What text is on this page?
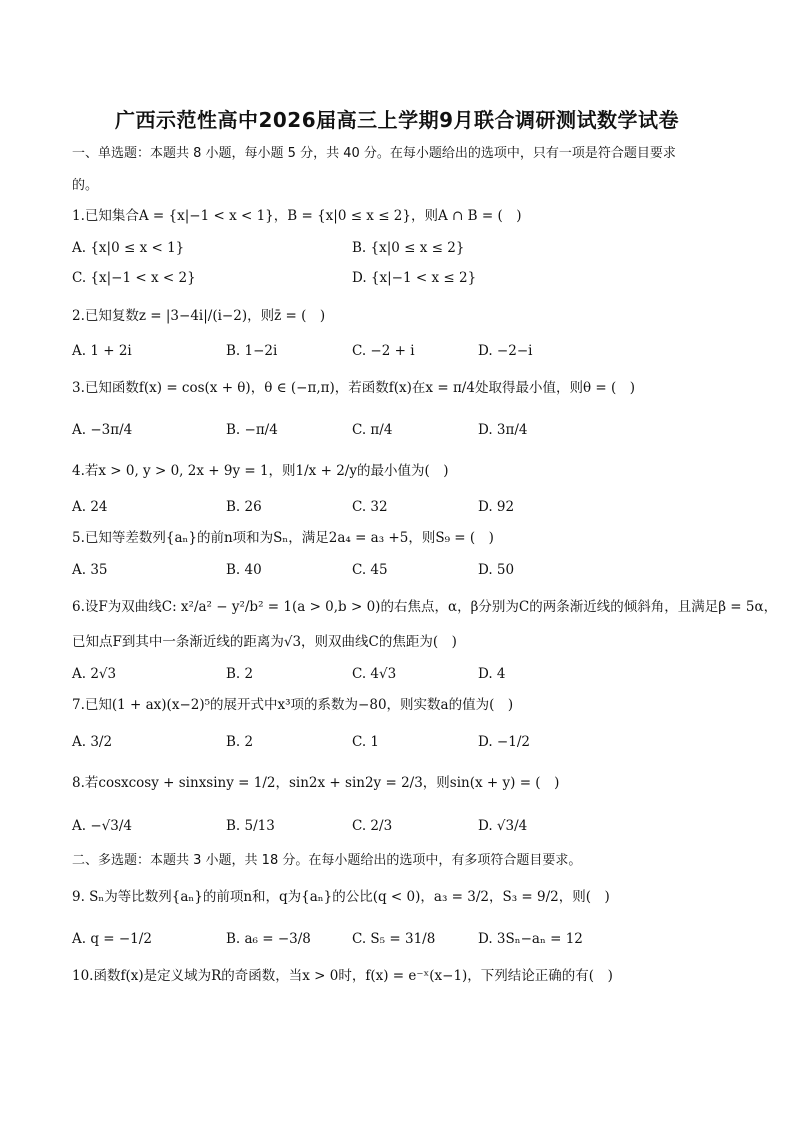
广西示范性高中2026届高三上学期9月联合调研测试数学试卷
一、单选题：本题共 8 小题，每小题 5 分，共 40 分。在每小题给出的选项中，只有一项是符合题目要求
的。
1.已知集合A = {x|−1 < x < 1}，B = {x|0 ≤ x ≤ 2}，则A ∩ B = (　)
A. {x|0 ≤ x < 1}	B. {x|0 ≤ x ≤ 2}
C. {x|−1 < x < 2}	D. {x|−1 < x ≤ 2}
2.已知复数z = |3−4i|/(i−2)，则z̄ = (　)
A. 1 + 2i	B. 1−2i	C. −2 + i	D. −2−i
3.已知函数f(x) = cos(x + θ)，θ ∈ (−π,π)，若函数f(x)在x = π/4处取得最小值，则θ = (　)
A. −3π/4	B. −π/4	C. π/4	D. 3π/4
4.若x > 0, y > 0, 2x + 9y = 1，则1/x + 2/y的最小值为(　)
A. 24	B. 26	C. 32	D. 92
5.已知等差数列{aₙ}的前n项和为Sₙ，满足2a₄ = a₃ +5，则S₉ = (　)
A. 35	B. 40	C. 45	D. 50
6.设F为双曲线C: x²/a² − y²/b² = 1(a > 0,b > 0)的右焦点，α，β分别为C的两条渐近线的倾斜角，且满足β = 5α，
已知点F到其中一条渐近线的距离为√3，则双曲线C的焦距为(　)
A. 2√3	B. 2	C. 4√3	D. 4
7.已知(1 + ax)(x−2)⁵的展开式中x³项的系数为−80，则实数a的值为(　)
A. 3/2	B. 2	C. 1	D. −1/2
8.若cosxcosy + sinxsiny = 1/2，sin2x + sin2y = 2/3，则sin(x + y) = (　)
A. −√3/4	B. 5/13	C. 2/3	D. √3/4
二、多选题：本题共 3 小题，共 18 分。在每小题给出的选项中，有多项符合题目要求。
9. Sₙ为等比数列{aₙ}的前项n和，q为{aₙ}的公比(q < 0)，a₃ = 3/2，S₃ = 9/2，则(　)
A. q = −1/2	B. a₆ = −3/8	C. S₅ = 31/8	D. 3Sₙ−aₙ = 12
10.函数f(x)是定义域为R的奇函数，当x > 0时，f(x) = e⁻ˣ(x−1)，下列结论正确的有(　)
